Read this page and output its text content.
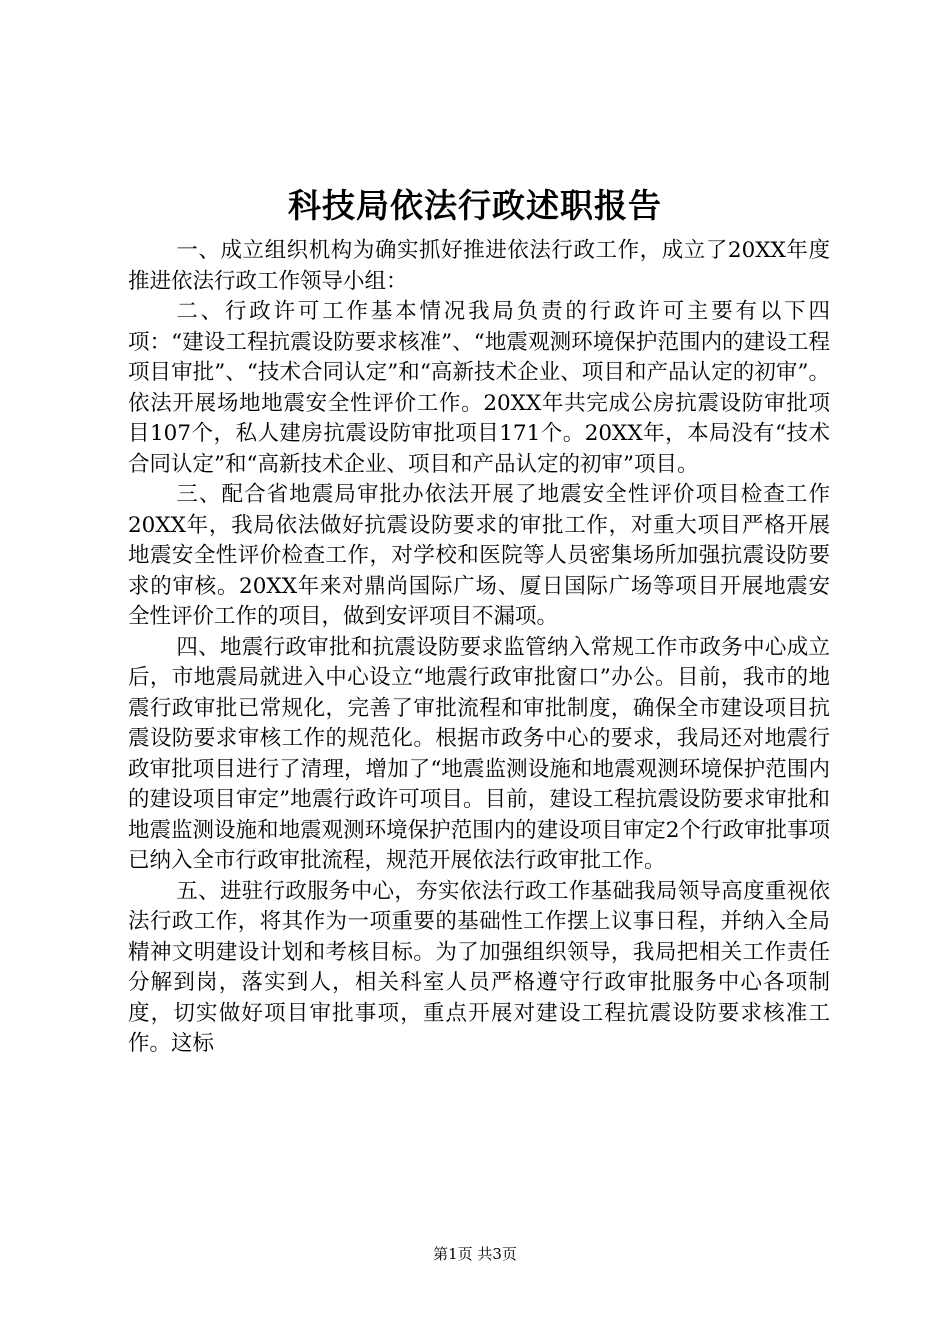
科技局依法行政述职报告

一、成立组织机构为确实抓好推进依法行政工作，成立了20XX年度推进依法行政工作领导小组：

二、行政许可工作基本情况我局负责的行政许可主要有以下四项：“建设工程抗震设防要求核准”、“地震观测环境保护范围内的建设工程项目审批”、“技术合同认定”和“高新技术企业、项目和产品认定的初审”。依法开展场地地震安全性评价工作。20XX年共完成公房抗震设防审批项目107个，私人建房抗震设防审批项目171个。20XX年，本局没有“技术合同认定”和“高新技术企业、项目和产品认定的初审”项目。

三、配合省地震局审批办依法开展了地震安全性评价项目检查工作20XX年，我局依法做好抗震设防要求的审批工作，对重大项目严格开展地震安全性评价检查工作，对学校和医院等人员密集场所加强抗震设防要求的审核。20XX年来对鼎尚国际广场、厦日国际广场等项目开展地震安全性评价工作的项目，做到安评项目不漏项。

四、地震行政审批和抗震设防要求监管纳入常规工作市政务中心成立后，市地震局就进入中心设立“地震行政审批窗口”办公。目前，我市的地震行政审批已常规化，完善了审批流程和审批制度，确保全市建设项目抗震设防要求审核工作的规范化。根据市政务中心的要求，我局还对地震行政审批项目进行了清理，增加了“地震监测设施和地震观测环境保护范围内的建设项目审定”地震行政许可项目。目前，建设工程抗震设防要求审批和地震监测设施和地震观测环境保护范围内的建设项目审定2个行政审批事项已纳入全市行政审批流程，规范开展依法行政审批工作。

五、进驻行政服务中心，夯实依法行政工作基础我局领导高度重视依法行政工作，将其作为一项重要的基础性工作摆上议事日程，并纳入全局精神文明建设计划和考核目标。为了加强组织领导，我局把相关工作责任分解到岗，落实到人，相关科室人员严格遵守行政审批服务中心各项制度，切实做好项目审批事项，重点开展对建设工程抗震设防要求核准工作。这标

第1页 共3页
